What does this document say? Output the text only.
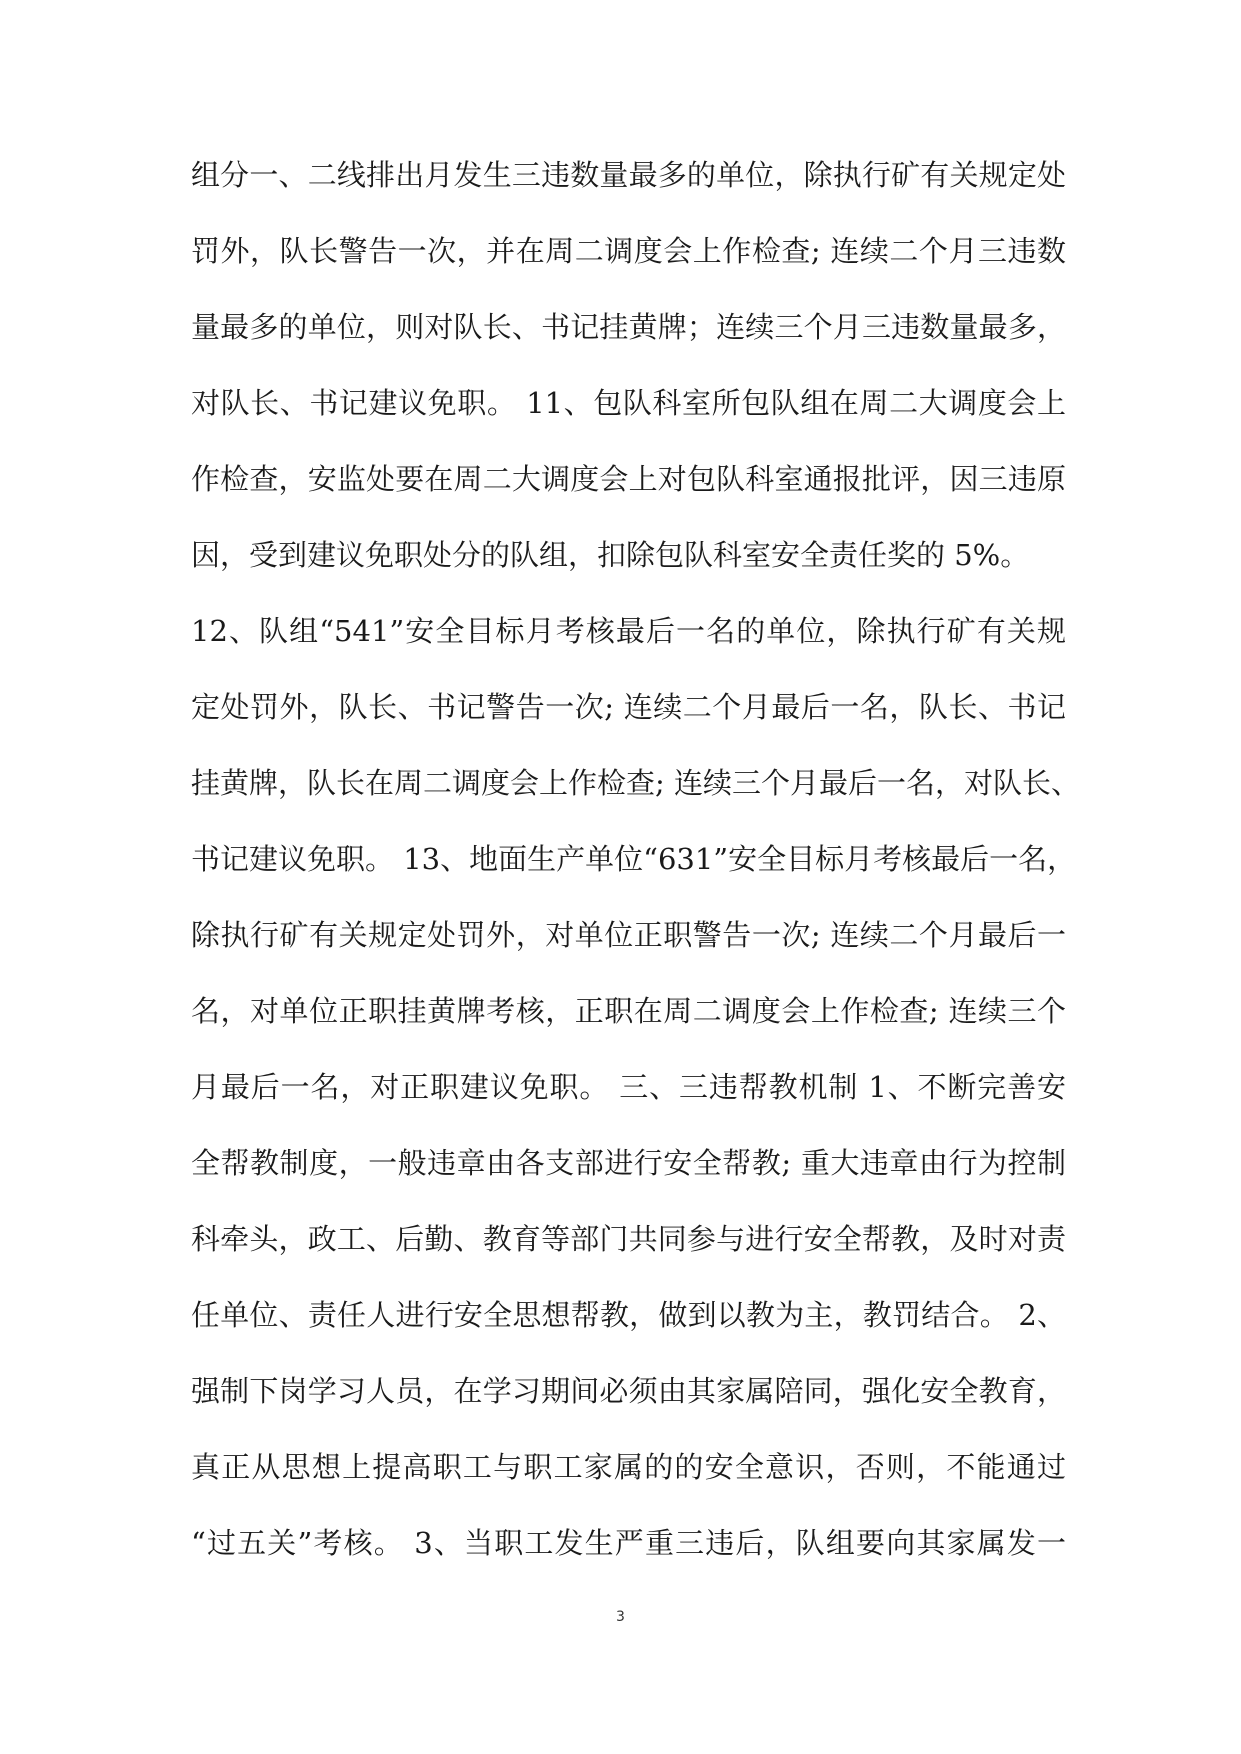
组分一、二线排出月发生三违数量最多的单位，除执行矿有关规定处
罚外，队长警告一次，并在周二调度会上作检查; 连续二个月三违数
量最多的单位，则对队长、书记挂黄牌；连续三个月三违数量最多，
对队长、书记建议免职。 11、包队科室所包队组在周二大调度会上
作检查，安监处要在周二大调度会上对包队科室通报批评，因三违原
因，受到建议免职处分的队组，扣除包队科室安全责任奖的 5%。
12、队组“541”安全目标月考核最后一名的单位，除执行矿有关规
定处罚外，队长、书记警告一次; 连续二个月最后一名，队长、书记
挂黄牌，队长在周二调度会上作检查; 连续三个月最后一名，对队长、
书记建议免职。 13、地面生产单位“631”安全目标月考核最后一名，
除执行矿有关规定处罚外，对单位正职警告一次; 连续二个月最后一
名，对单位正职挂黄牌考核，正职在周二调度会上作检查; 连续三个
月最后一名，对正职建议免职。 三、三违帮教机制 1、不断完善安
全帮教制度，一般违章由各支部进行安全帮教; 重大违章由行为控制
科牵头，政工、后勤、教育等部门共同参与进行安全帮教，及时对责
任单位、责任人进行安全思想帮教，做到以教为主，教罚结合。 2、
强制下岗学习人员，在学习期间必须由其家属陪同，强化安全教育，
真正从思想上提高职工与职工家属的的安全意识，否则，不能通过
“过五关”考核。 3、当职工发生严重三违后，队组要向其家属发一
3
